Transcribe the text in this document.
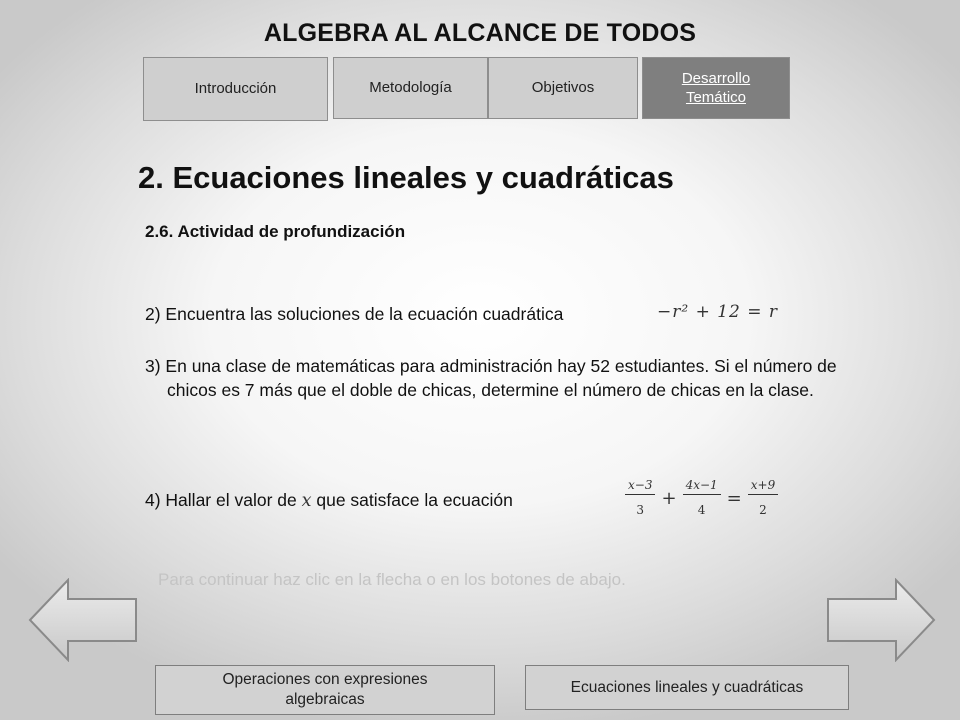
ALGEBRA AL ALCANCE DE TODOS
Introducción	Metodología	Objetivos
Desarrollo
Temático
2. Ecuaciones lineales y cuadráticas
2.6. Actividad de profundización
2) Encuentra las soluciones de la ecuación cuadrática	−r² + 12 = r
3) En una clase de matemáticas para administración hay 52 estudiantes. Si el número de
chicos es 7 más que el doble de chicas, determine el número de chicas en la clase.
4) Hallar el valor de x que satisface la ecuación	$\frac{x-3}{3} + \frac{4x-1}{4} = \frac{x+9}{2}$
Para continuar haz clic en la flecha o en los botones de abajo.
Operaciones con expresiones algebraicas
Ecuaciones lineales y cuadráticas
